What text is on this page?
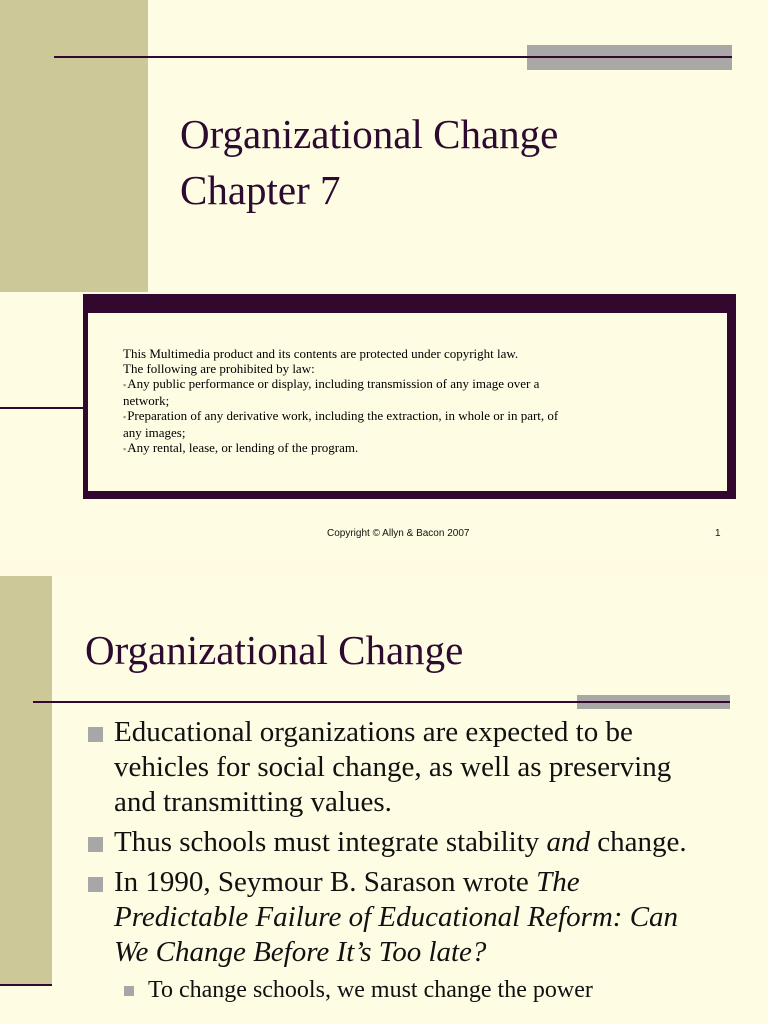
Organizational Change
Chapter 7
This Multimedia product and its contents are protected under copyright law.
The following are prohibited by law:
▪Any public performance or display, including transmission of any image over a network;
▪Preparation of any derivative work, including the extraction, in whole or in part, of any images;
▪Any rental, lease, or lending of the program.
Copyright © Allyn & Bacon 2007	1
Organizational Change
Educational organizations are expected to be vehicles for social change, as well as preserving and transmitting values.
Thus schools must integrate stability and change.
In 1990, Seymour B. Sarason wrote The Predictable Failure of Educational Reform: Can We Change Before It’s Too late?
To change schools, we must change the power
